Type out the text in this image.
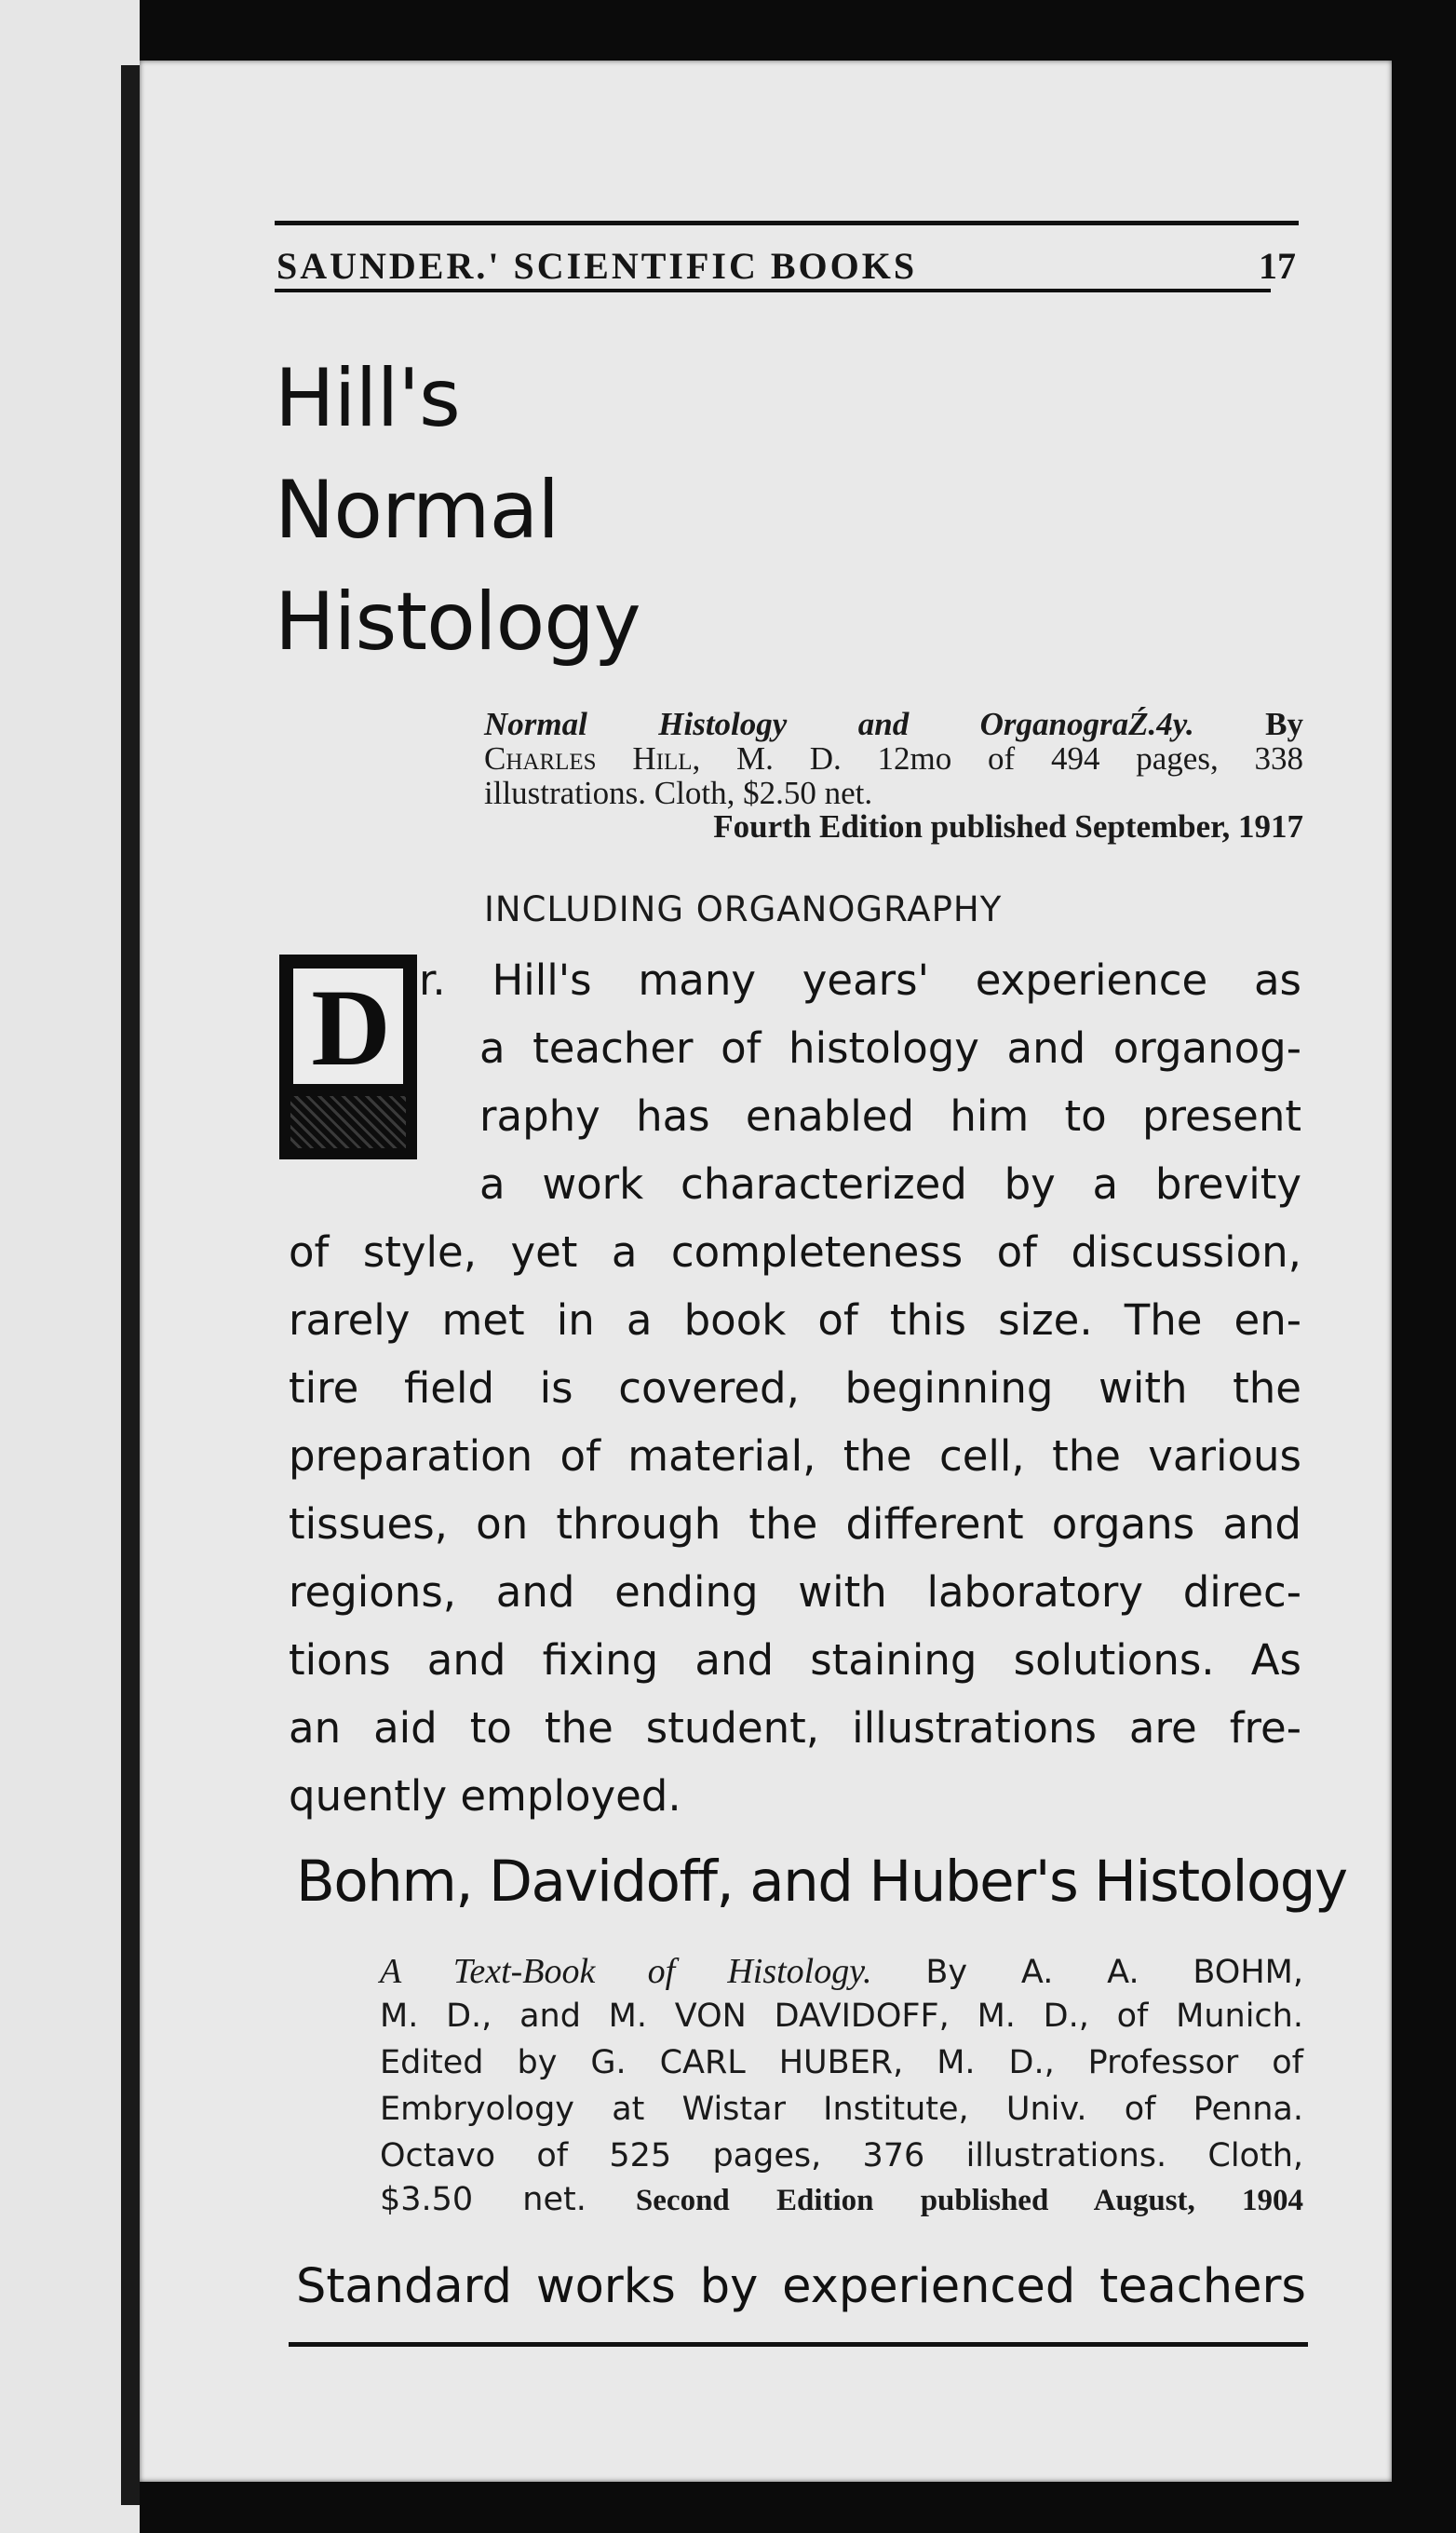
SAUNDER.' SCIENTIFIC BOOKS	17
Hill's
Normal
Histology
Normal Histology and OrganograŹ.4y. By
Charles Hill, M. D. 12mo of 494 pages, 338
illustrations. Cloth, $2.50 net.
Fourth Edition published September, 1917
INCLUDING ORGANOGRAPHY
D r. Hill's many years' experience as
a teacher of histology and organog-
raphy has enabled him to present
a work characterized by a brevity
of style, yet a completeness of discussion,
rarely met in a book of this size. The en-
tire field is covered, beginning with the
preparation of material, the cell, the various
tissues, on through the different organs and
regions, and ending with laboratory direc-
tions and fixing and staining solutions. As
an aid to the student, illustrations are fre-
quently employed.
Bohm, Davidoff, and Huber's Histology
A Text-Book of Histology. By A. A. BOHM,
M. D., and M. VON DAVIDOFF, M. D., of Munich.
Edited by G. CARL HUBER, M. D., Professor of
Embryology at Wistar Institute, Univ. of Penna.
Octavo of 525 pages, 376 illustrations. Cloth,
$3.50 net. Second Edition published August, 1904
Standard works by experienced teachers
